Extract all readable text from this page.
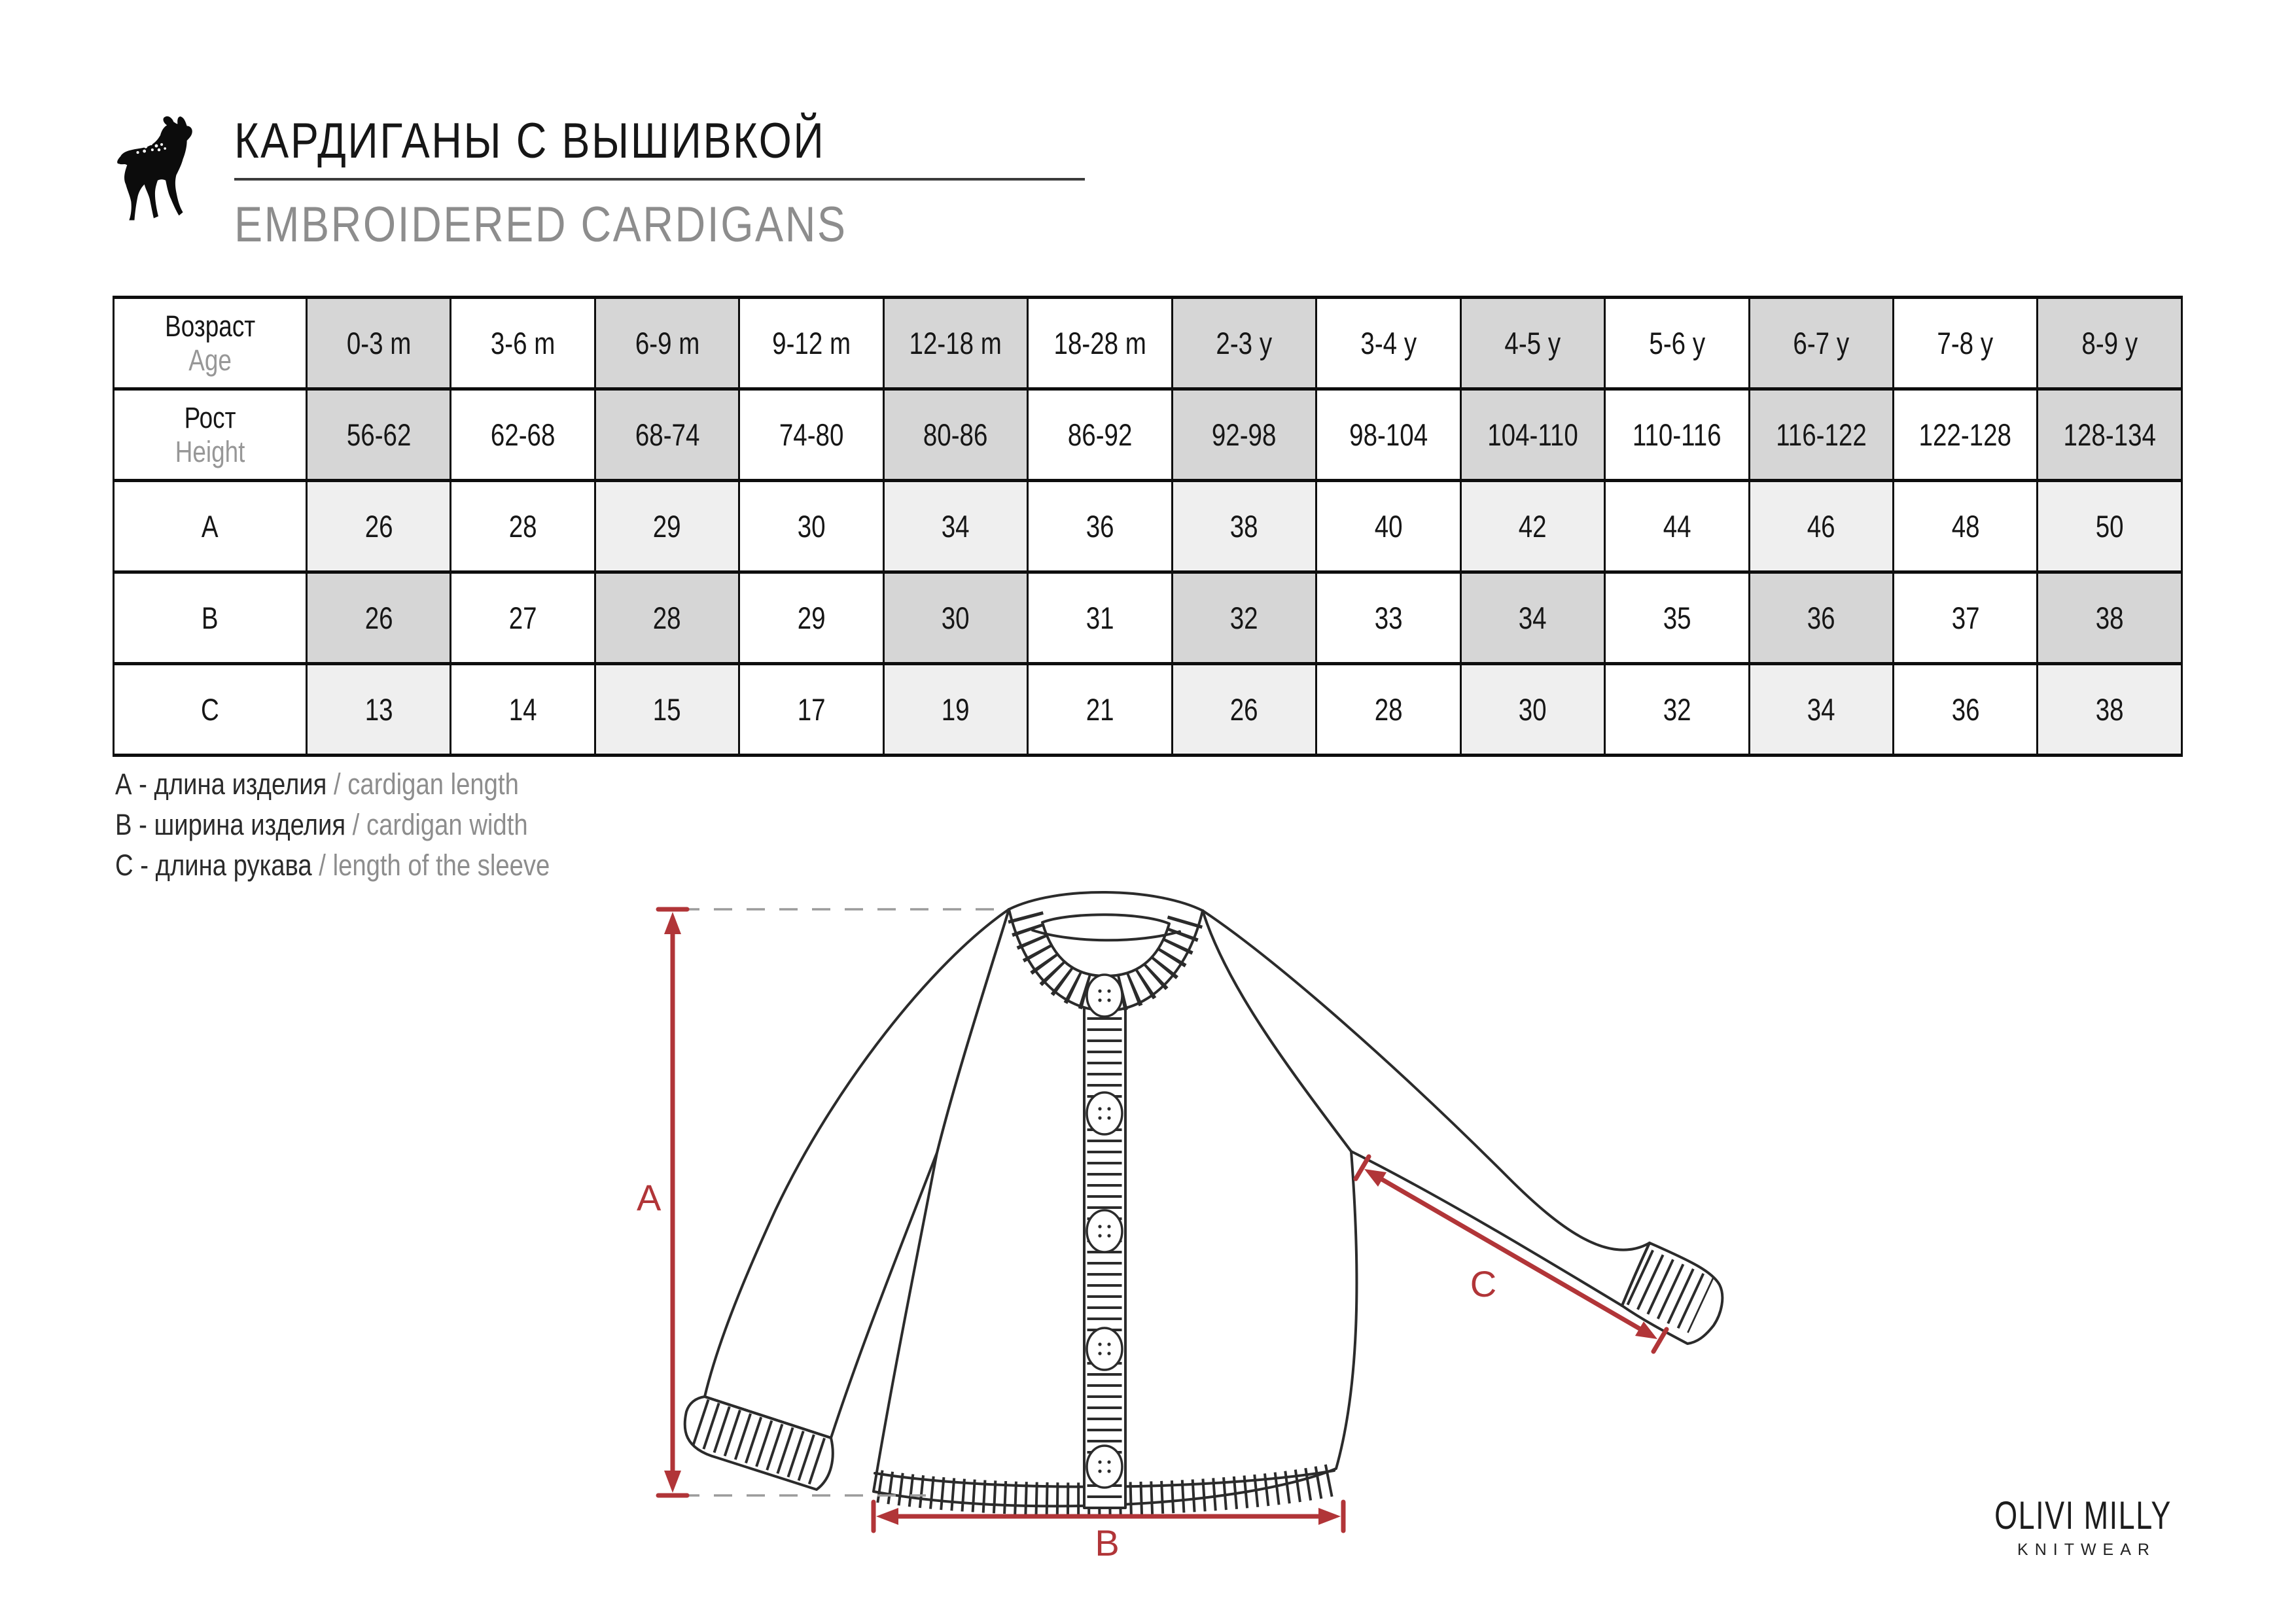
КАРДИГАНЫ С ВЫШИВКОЙ
EMBROIDERED CARDIGANS
Возраст
Age	0-3 m	3-6 m	6-9 m	9-12 m	12-18 m	18-28 m	2-3 y	3-4 y	4-5 y	5-6 y	6-7 y	7-8 y	8-9 y

Рост
Height	56-62	62-68	68-74	74-80	80-86	86-92	92-98	98-104	104-110	110-116	116-122	122-128	128-134
A	26	28	29	30	34	36	38	40	42	44	46	48	50
B	26	27	28	29	30	31	32	33	34	35	36	37	38
C	13	14	15	17	19	21	26	28	30	32	34	36	38
A - длина изделия / cardigan length
B - ширина изделия / cardigan width
C - длина рукава / length of the sleeve
A
B
C
OLIVI MILLY
KNITWEAR
